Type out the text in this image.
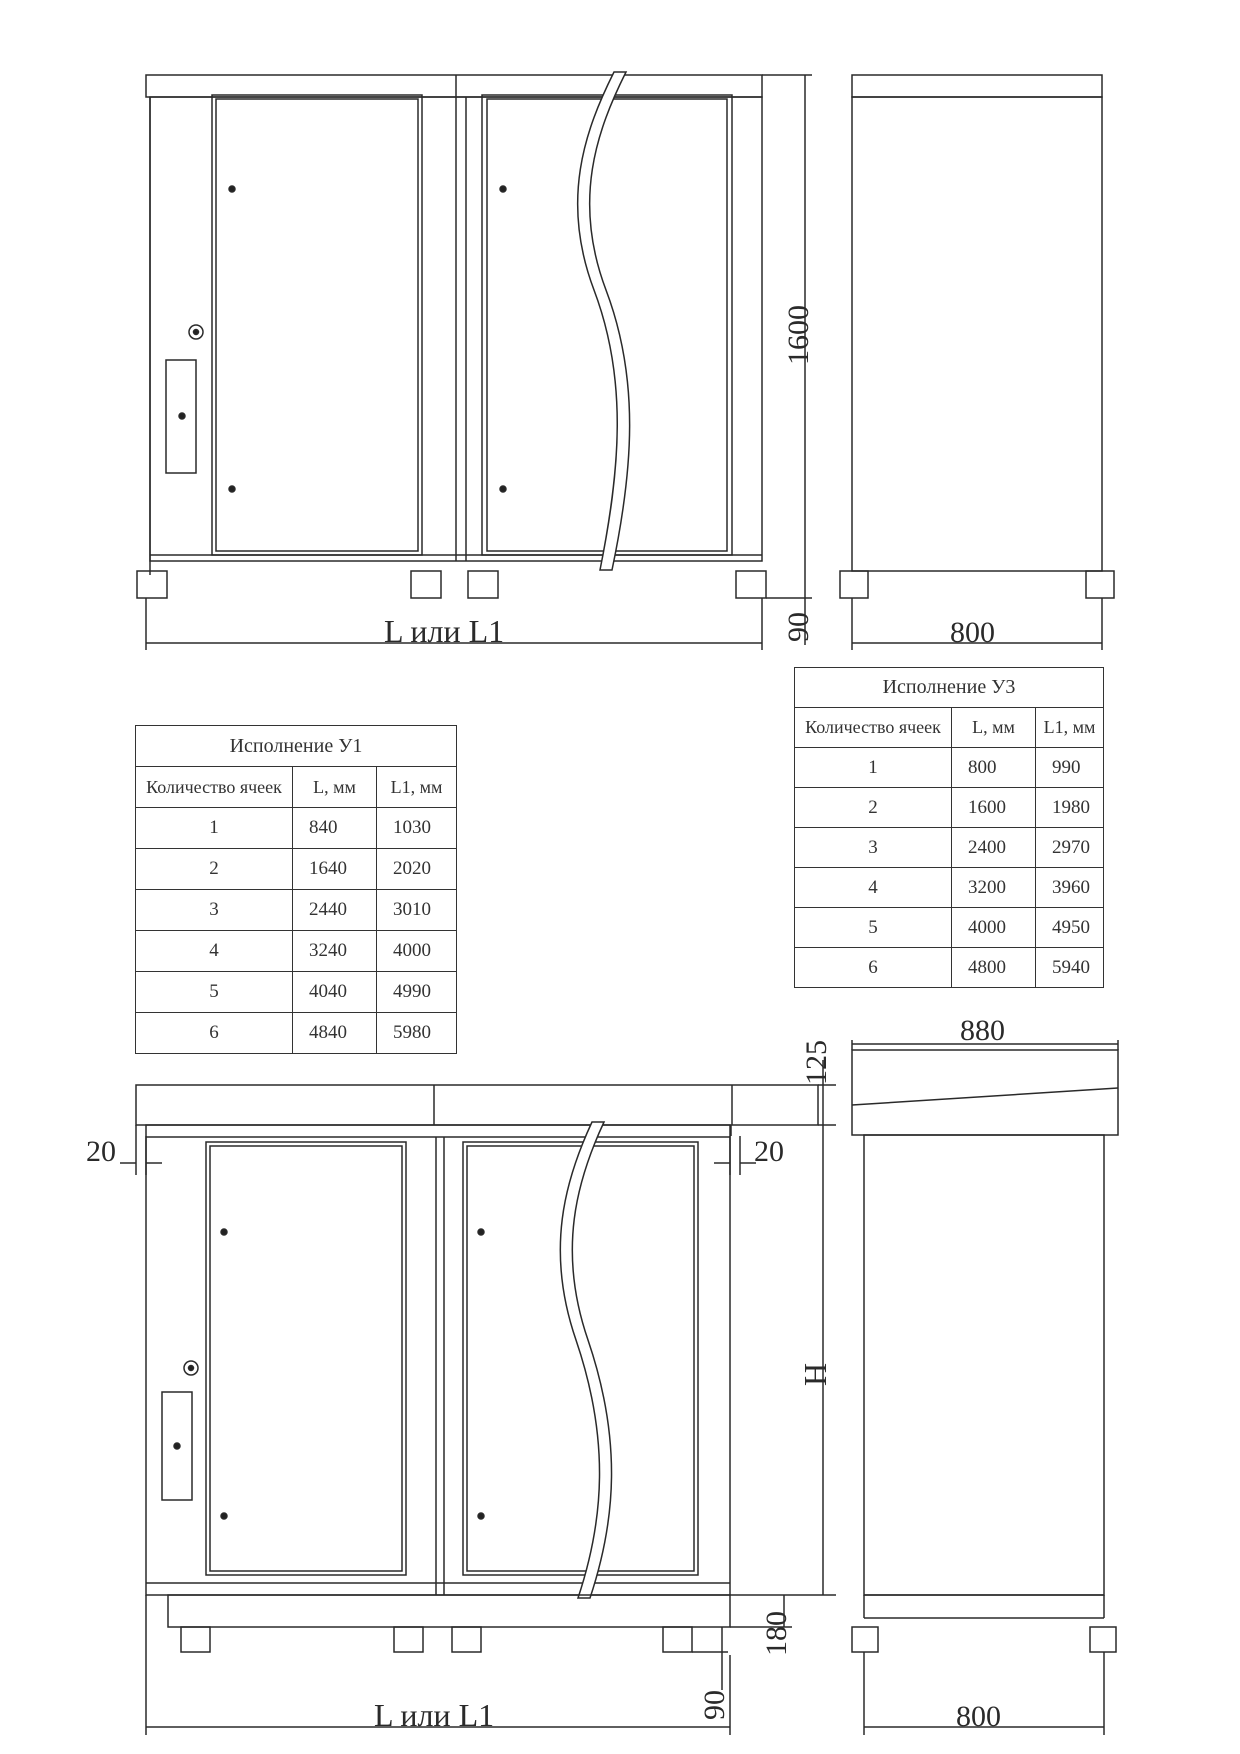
1600
90
L или L1	800
20	20
125
H
180
90
L или L1
880
800
Исполнение У1		
Количество ячеек	L, мм	L1, мм
1	840	1030
2	1640	2020
3	2440	3010
4	3240	4000
5	4040	4990
6	4840	5980
Исполнение У3		
Количество ячеек	L, мм	L1, мм
1	800	990
2	1600	1980
3	2400	2970
4	3200	3960
5	4000	4950
6	4800	5940
